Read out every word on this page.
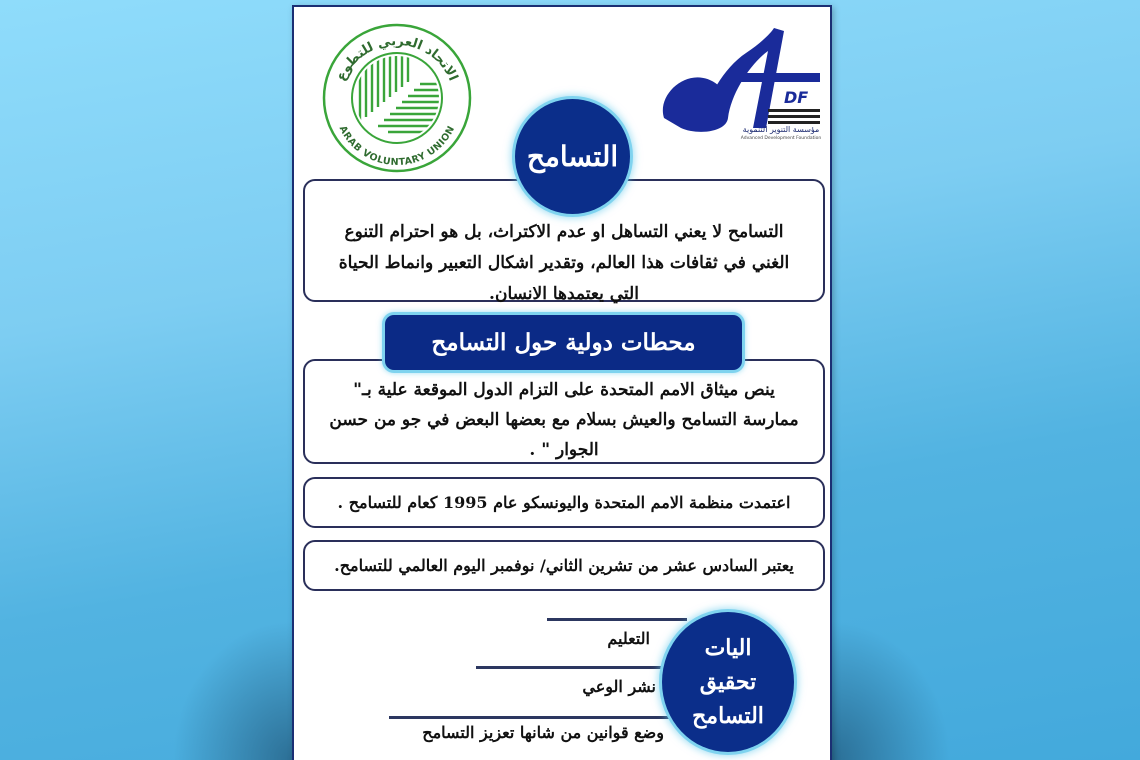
الاتحاد العربي للتطوع
ARAB VOLUNTARY UNION
DF
مؤسسة التنوير التنموية
Advanced Development Foundation
التسامح
التسامح لا يعني التساهل او عدم الاكتراث، بل هو احترام التنوع الغني في ثقافات هذا العالم، وتقدير اشكال التعبير وانماط الحياة التي يعتمدها الانسان.
محطات دولية حول التسامح
ينص ميثاق الامم المتحدة على التزام الدول الموقعة علية بـ" ممارسة التسامح والعيش بسلام مع بعضها البعض في جو من حسن الجوار " .
اعتمدت منظمة الامم المتحدة واليونسكو عام 1995 كعام للتسامح .
يعتبر السادس عشر من تشرين الثاني/ نوفمبر اليوم العالمي للتسامح.
التعليم
نشر الوعي
وضع قوانين من شانها تعزيز التسامح
اليات
تحقيق
التسامح
